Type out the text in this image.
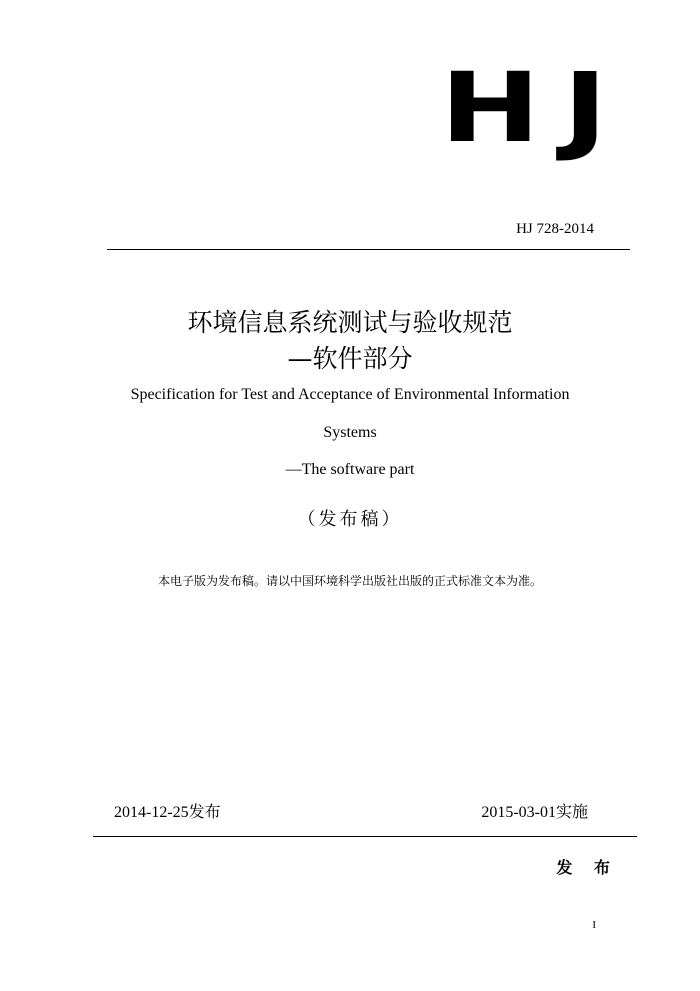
HJ
HJ 728-2014
环境信息系统测试与验收规范
—软件部分
Specification for Test and Acceptance of Environmental Information
Systems
—The software part
（发布稿）
本电子版为发布稿。请以中国环境科学出版社出版的正式标准文本为准。
2014-12-25发布	2015-03-01实施
发 布
I
